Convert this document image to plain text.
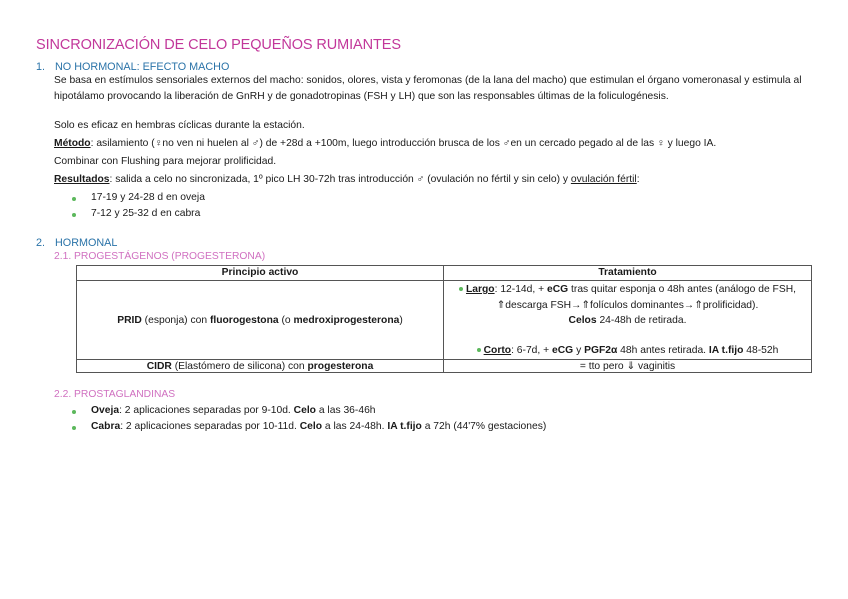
SINCRONIZACIÓN DE CELO PEQUEÑOS RUMIANTES
1. NO HORMONAL: EFECTO MACHO
Se basa en estímulos sensoriales externos del macho: sonidos, olores, vista y feromonas (de la lana del macho) que estimulan el órgano vomeronasal y estimula al hipotálamo provocando la liberación de GnRH y de gonadotropinas (FSH y LH) que son las responsables últimas de la foliculogénesis.
Solo es eficaz en hembras cíclicas durante la estación.
Método: asilamiento (♀no ven ni huelen al ♂) de +28d a +100m, luego introducción brusca de los ♂en un cercado pegado al de las ♀ y luego IA.
Combinar con Flushing para mejorar prolificidad.
Resultados: salida a celo no sincronizada, 1º pico LH 30-72h tras introducción ♂ (ovulación no fértil y sin celo) y ovulación fértil:
17-19 y 24-28 d en oveja
7-12 y 25-32 d en cabra
2. HORMONAL
2.1. PROGESTÁGENOS (PROGESTERONA)
Principio activo	Tratamiento
PRID (esponja) con fluorogestona (o medroxiprogesterona)	Largo: 12-14d, + eCG tras quitar esponja o 48h antes (análogo de FSH, ⇑descarga FSH→⇑folículos dominantes→⇑prolificidad).
Celos 24-48h de retirada.
Corto: 6-7d, + eCG y PGF2α 48h antes retirada. IA t.fijo 48-52h

CIDR (Elastómero de silicona) con progesterona	= tto pero ⇓ vaginitis
2.2. PROSTAGLANDINAS
Oveja: 2 aplicaciones separadas por 9-10d. Celo a las 36-46h
Cabra: 2 aplicaciones separadas por 10-11d. Celo a las 24-48h. IA t.fijo a 72h (44'7% gestaciones)
